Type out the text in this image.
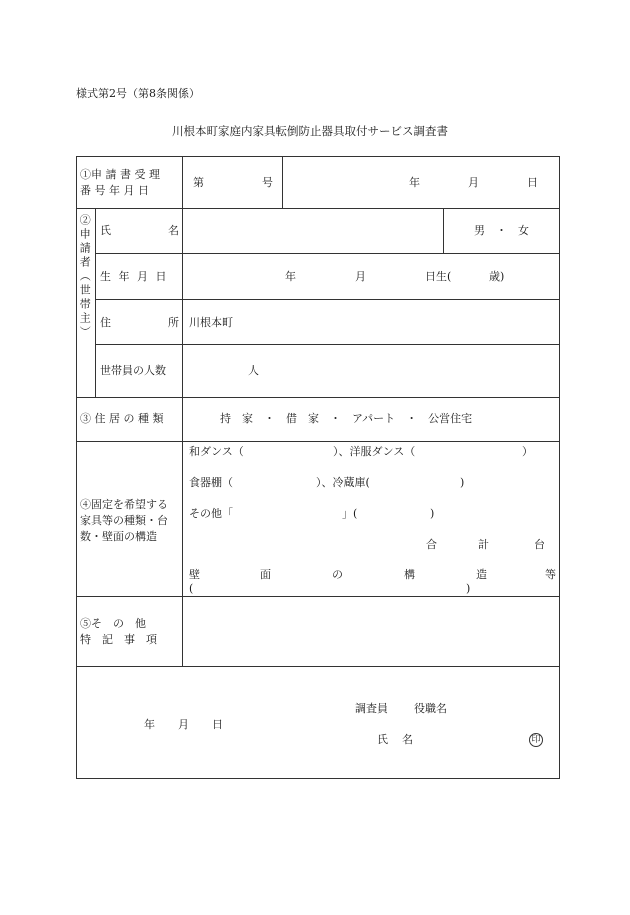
様式第2号（第8条関係）
川根本町家庭内家具転倒防止器具取付サービス調査書
①申 請 書 受 理
番 号 年 月 日
第	号	年	月	日
②申請者︵世帯主︶ 氏	名	男　・　女
生 年 月 日	年	月	日生(	歳)
住	所 川根本町
世帯員の人数	人
③ 住 居 の 種 類	持　家　・　借　家　・　アパート　・　公営住宅
④固定を希望する
家具等の種類・台
数・壁面の構造
和ダンス（	）、洋服ダンス（	）
食器棚（	）、冷蔵庫(	)
その他「	」(	)
合	計	台
壁	面	の	構	造	等
(	)
⑤そ　の　他
特　記　事　項
年 月 日
調査員 役職名
氏 名	印
